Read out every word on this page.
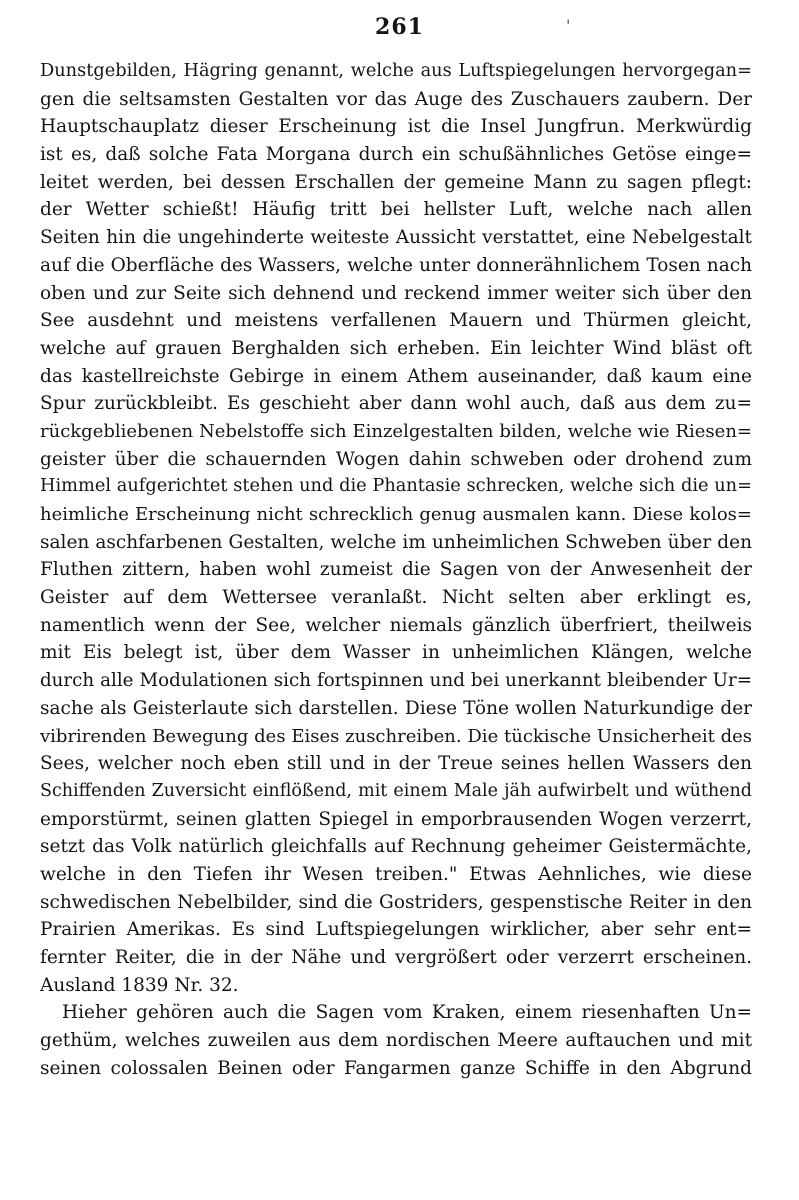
261	'
Dunstgebilden, Hägring genannt, welche aus Luftspiegelungen hervorgegan=
gen die seltsamsten Gestalten vor das Auge des Zuschauers zaubern. Der
Hauptschauplatz dieser Erscheinung ist die Insel Jungfrun. Merkwürdig
ist es, daß solche Fata Morgana durch ein schußähnliches Getöse einge=
leitet werden, bei dessen Erschallen der gemeine Mann zu sagen pflegt:
der Wetter schießt! Häufig tritt bei hellster Luft, welche nach allen
Seiten hin die ungehinderte weiteste Aussicht verstattet, eine Nebelgestalt
auf die Oberfläche des Wassers, welche unter donnerähnlichem Tosen nach
oben und zur Seite sich dehnend und reckend immer weiter sich über den
See ausdehnt und meistens verfallenen Mauern und Thürmen gleicht,
welche auf grauen Berghalden sich erheben. Ein leichter Wind bläst oft
das kastellreichste Gebirge in einem Athem auseinander, daß kaum eine
Spur zurückbleibt. Es geschieht aber dann wohl auch, daß aus dem zu=
rückgebliebenen Nebelstoffe sich Einzelgestalten bilden, welche wie Riesen=
geister über die schauernden Wogen dahin schweben oder drohend zum
Himmel aufgerichtet stehen und die Phantasie schrecken, welche sich die un=
heimliche Erscheinung nicht schrecklich genug ausmalen kann. Diese kolos=
salen aschfarbenen Gestalten, welche im unheimlichen Schweben über den
Fluthen zittern, haben wohl zumeist die Sagen von der Anwesenheit der
Geister auf dem Wettersee veranlaßt. Nicht selten aber erklingt es,
namentlich wenn der See, welcher niemals gänzlich überfriert, theilweis
mit Eis belegt ist, über dem Wasser in unheimlichen Klängen, welche
durch alle Modulationen sich fortspinnen und bei unerkannt bleibender Ur=
sache als Geisterlaute sich darstellen. Diese Töne wollen Naturkundige der
vibrirenden Bewegung des Eises zuschreiben. Die tückische Unsicherheit des
Sees, welcher noch eben still und in der Treue seines hellen Wassers den
Schiffenden Zuversicht einflößend, mit einem Male jäh aufwirbelt und wüthend
emporstürmt, seinen glatten Spiegel in emporbrausenden Wogen verzerrt,
setzt das Volk natürlich gleichfalls auf Rechnung geheimer Geistermächte,
welche in den Tiefen ihr Wesen treiben." Etwas Aehnliches, wie diese
schwedischen Nebelbilder, sind die Gostriders, gespenstische Reiter in den
Prairien Amerikas. Es sind Luftspiegelungen wirklicher, aber sehr ent=
fernter Reiter, die in der Nähe und vergrößert oder verzerrt erscheinen.
Ausland 1839 Nr. 32.
Hieher gehören auch die Sagen vom Kraken, einem riesenhaften Un=
gethüm, welches zuweilen aus dem nordischen Meere auftauchen und mit
seinen colossalen Beinen oder Fangarmen ganze Schiffe in den Abgrund
